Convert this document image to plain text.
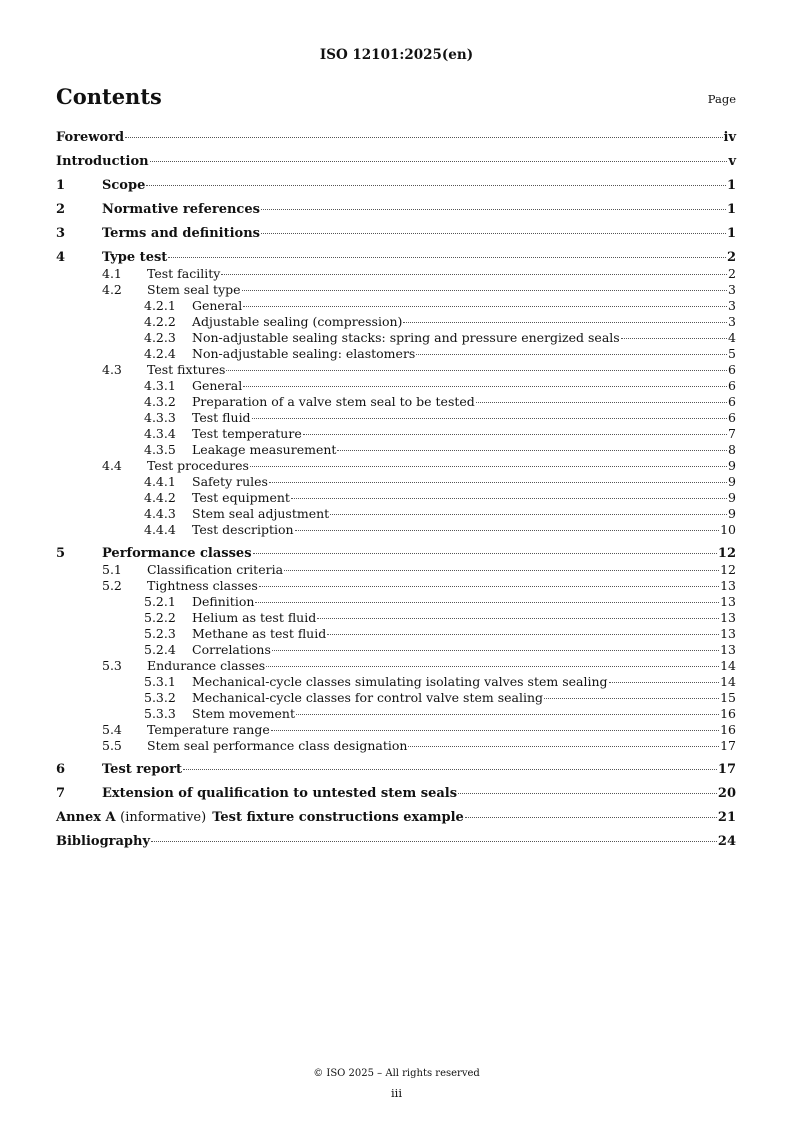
ISO 12101:2025(en)
Contents	Page
Foreword	iv
Introduction	v
1	Scope	1
2	Normative references	1
3	Terms and definitions	1
4	Type test	2
4.1	Test facility	2
4.2	Stem seal type	3
4.2.1	General	3
4.2.2	Adjustable sealing (compression)	3
4.2.3	Non-adjustable sealing stacks: spring and pressure energized seals	4
4.2.4	Non-adjustable sealing: elastomers	5
4.3	Test fixtures	6
4.3.1	General	6
4.3.2	Preparation of a valve stem seal to be tested	6
4.3.3	Test fluid	6
4.3.4	Test temperature	7
4.3.5	Leakage measurement	8
4.4	Test procedures	9
4.4.1	Safety rules	9
4.4.2	Test equipment	9
4.4.3	Stem seal adjustment	9
4.4.4	Test description	10
5	Performance classes	12
5.1	Classification criteria	12
5.2	Tightness classes	13
5.2.1	Definition	13
5.2.2	Helium as test fluid	13
5.2.3	Methane as test fluid	13
5.2.4	Correlations	13
5.3	Endurance classes	14
5.3.1	Mechanical-cycle classes simulating isolating valves stem sealing	14
5.3.2	Mechanical-cycle classes for control valve stem sealing	15
5.3.3	Stem movement	16
5.4	Temperature range	16
5.5	Stem seal performance class designation	17
6	Test report	17
7	Extension of qualification to untested stem seals	20
Annex A (informative) Test fixture constructions example	21
Bibliography	24
© ISO 2025 – All rights reserved
iii
